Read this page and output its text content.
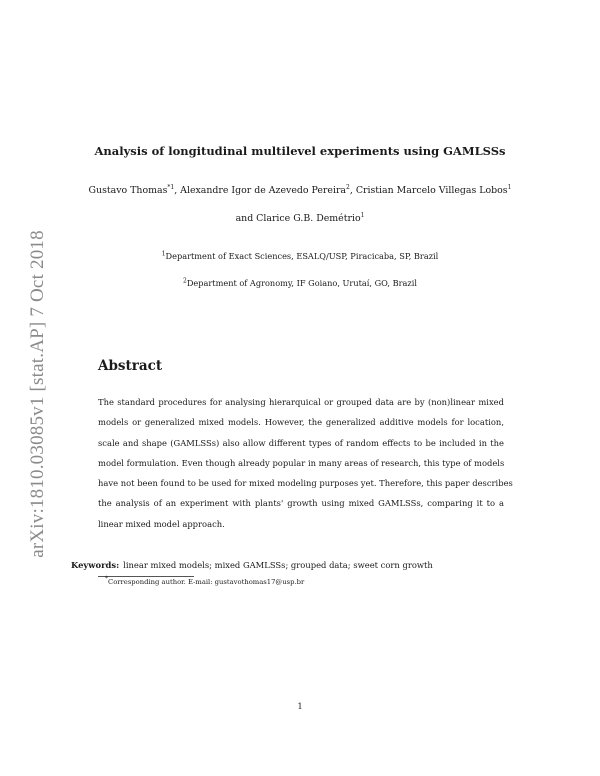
arXiv:1810.03085v1 [stat.AP] 7 Oct 2018
Analysis of longitudinal multilevel experiments using GAMLSSs
Gustavo Thomas$^{*1}$, Alexandre Igor de Azevedo Pereira$^2$, Cristian Marcelo Villegas Lobos$^1$
and Clarice G.B. Demétrio$^1$
$^1$Department of Exact Sciences, ESALQ/USP, Piracicaba, SP, Brazil
$^2$Department of Agronomy, IF Goiano, Urutaí, GO, Brazil
Abstract
The standard procedures for analysing hierarquical or grouped data are by (non)linear mixed
models or generalized mixed models. However, the generalized additive models for location,
scale and shape (GAMLSSs) also allow different types of random effects to be included in the
model formulation. Even though already popular in many areas of research, this type of models
have not been found to be used for mixed modeling purposes yet. Therefore, this paper describes
the analysis of an experiment with plants' growth using mixed GAMLSSs, comparing it to a
linear mixed model approach.
Keywords: linear mixed models; mixed GAMLSSs; grouped data; sweet corn growth
*Corresponding author. E-mail: gustavothomas17@usp.br
1
